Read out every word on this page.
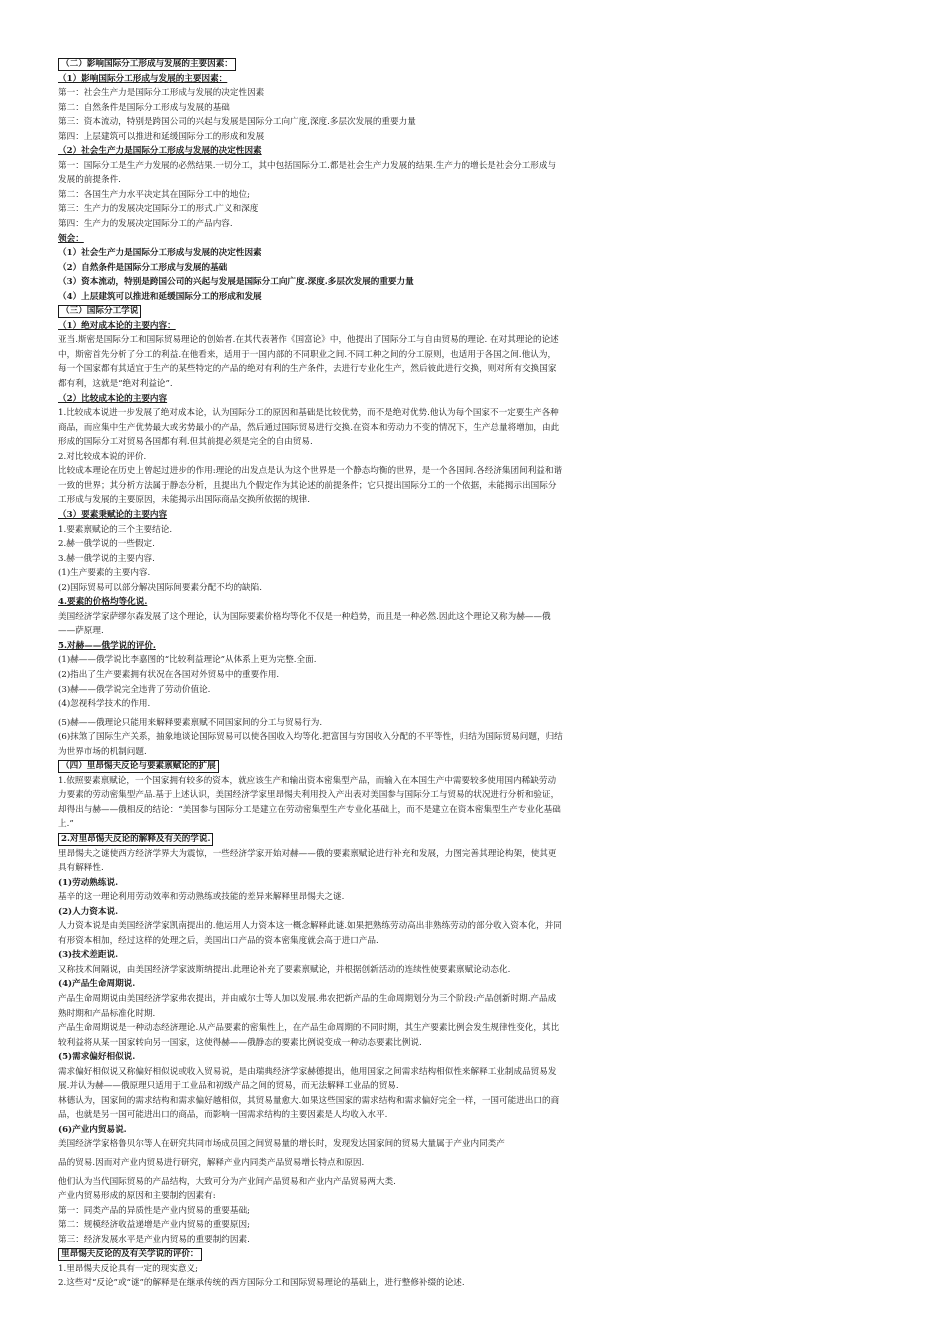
（二）影响国际分工形成与发展的主要因素：
（1）影响国际分工形成与发展的主要因素：
第一：社会生产力是国际分工形成与发展的决定性因素
第二：自然条件是国际分工形成与发展的基础
第三：资本流动，特别是跨国公司的兴起与发展是国际分工向广度,深度.多层次发展的重要力量
第四：上层建筑可以推进和延缓国际分工的形成和发展
（2）社会生产力是国际分工形成与发展的决定性因素
第一：国际分工是生产力发展的必然结果.一切分工，其中包括国际分工.都是社会生产力发展的结果.生产力的增长是社会分工形成与发展的前提条件.
第二：各国生产力水平决定其在国际分工中的地位;
第三：生产力的发展决定国际分工的形式.广义和深度
第四：生产力的发展决定国际分工的产品内容.
领会：
（1）社会生产力是国际分工形成与发展的决定性因素
（2）自然条件是国际分工形成与发展的基础
（3）资本流动，特别是跨国公司的兴起与发展是国际分工向广度.深度.多层次发展的重要力量
（4）上层建筑可以推进和延缓国际分工的形成和发展
（三）国际分工学说
（1）绝对成本论的主要内容：
亚当.斯密是国际分工和国际贸易理论的创始者.在其代表著作《国富论》中，他提出了国际分工与自由贸易的理论. 在对其理论的论述中，斯密首先分析了分工的利益.在他看来，适用于一国内部的不同职业之间.不同工种之间的分工原则，也适用于各国之间.他认为，每一个国家都有其适宜于生产的某些特定的产品的绝对有利的生产条件，去进行专业化生产，然后彼此进行交换，则对所有交换国家都有利，这就是“绝对利益论”.
（2）比较成本论的主要内容
1.比较成本说进一步发展了绝对成本论，认为国际分工的原因和基础是比较优势，而不是绝对优势.他认为每个国家不一定要生产各种商品，而应集中生产优势最大或劣势最小的产品，然后通过国际贸易进行交换.在资本和劳动力不变的情况下，生产总量将增加，由此形成的国际分工对贸易各国都有利.但其前提必须是完全的自由贸易.
2.对比较成本说的评价.
比较成本理论在历史上曾起过进步的作用:理论的出发点是认为这个世界是一个静态均衡的世界，是一个各国间.各经济集团间利益和谐一致的世界；其分析方法属于静态分析，且提出九个假定作为其论述的前提条件；它只提出国际分工的一个依据，未能揭示出国际分工形成与发展的主要原因，未能揭示出国际商品交换所依据的规律.
（3）要素秉赋论的主要内容
1.要素禀赋论的三个主要结论.
2.赫一俄学说的一些假定.
3.赫一俄学说的主要内容.
(1)生产要素的主要内容.
(2)国际贸易可以部分解决国际间要素分配不均的缺陷.
4.要素的价格均等化说.
美国经济学家萨缪尔森发展了这个理论，认为国际要素价格均等化不仅是一种趋势，而且是一种必然.因此这个理论又称为赫——俄——萨原理.
5.对赫——俄学说的评价.
(1)赫——俄学说比李嘉图的“比较利益理论”从体系上更为完整.全面.
(2)指出了生产要素拥有状况在各国对外贸易中的重要作用.
(3)赫——俄学说完全违背了劳动价值论.
(4)忽视科学技术的作用.
(5)赫——俄理论只能用来解释要素禀赋不同国家间的分工与贸易行为.
(6)抹煞了国际生产关系，抽象地谈论国际贸易可以使各国收入均等化.把富国与穷国收入分配的不平等性，归结为国际贸易问题，归结为世界市场的机制问题.
（四）里昂惕夫反论与要素禀赋论的扩展
1.依照要素禀赋论，一个国家拥有较多的资本，就应该生产和输出资本密集型产品，而输入在本国生产中需要较多使用国内稀缺劳动力要素的劳动密集型产品.基于上述认识，美国经济学家里昂惕夫利用投入产出表对美国参与国际分工与贸易的状况进行分析和验证，却得出与赫——俄相反的结论：“美国参与国际分工是建立在劳动密集型生产专业化基础上，而不是建立在资本密集型生产专业化基础上.”
2.对里昂惕夫反论的解释及有关的学说.
里昂惕夫之谜使西方经济学界大为震惊，一些经济学家开始对赫——俄的要素禀赋论进行补充和发展，力图完善其理论构架，使其更具有解释性.
(1)劳动熟练说.
基辛的这一理论利用劳动效率和劳动熟练或技能的差异来解释里昂惕夫之谜.
(2)人力资本说.
人力资本说是由美国经济学家凯南提出的.他运用人力资本这一概念解释此谜.如果把熟练劳动高出非熟练劳动的部分收入资本化，并同有形资本相加，经过这样的处理之后，美国出口产品的资本密集度就会高于进口产品.
(3)技术差距说.
又称技术间隔说，由美国经济学家波斯纳提出.此理论补充了要素禀赋论，并根据创新活动的连续性使要素禀赋论动态化.
(4)产品生命周期说.
产品生命周期说由美国经济学家弗农提出，并由威尔士等人加以发展.弗农把新产品的生命周期划分为三个阶段:产品创新时期.产品成熟时期和产品标准化时期.
产品生命周期说是一种动态经济理论.从产品要素的密集性上，在产品生命周期的不同时期，其生产要素比例会发生规律性变化，其比较利益将从某一国家转向另一国家，这使得赫——俄静态的要素比例说变成一种动态要素比例说.
(5)需求偏好相似说.
需求偏好相似说又称偏好相似说或收入贸易说，是由瑞典经济学家赫德提出，他用国家之间需求结构相似性来解释工业制成品贸易发展.并认为赫——俄原理只适用于工业品和初级产品之间的贸易，而无法解释工业品的贸易.
林德认为，国家间的需求结构和需求偏好越相似，其贸易量愈大.如果这些国家的需求结构和需求偏好完全一样，一国可能进出口的商品，也就是另一国可能进出口的商品，而影响一国需求结构的主要因素是人均收入水平.
(6)产业内贸易说.
美国经济学家格鲁贝尔等人在研究共同市场成员国之间贸易量的增长时，发现发达国家间的贸易大量属于产业内同类产
品的贸易.因而对产业内贸易进行研究，解释产业内同类产品贸易增长特点和原因.
他们认为当代国际贸易的产品结构，大致可分为产业间产品贸易和产业内产品贸易两大类.
产业内贸易形成的原因和主要制约因素有:
第一：同类产品的异质性是产业内贸易的重要基础;
第二：规模经济收益递增是产业内贸易的重要原因;
第三：经济发展水平是产业内贸易的重要制约因素.
里昂惕夫反论的及有关学说的评价：
1.里昂惕夫反论具有一定的现实意义;
2.这些对“反论”或“谜”的解释是在继承传统的西方国际分工和国际贸易理论的基础上，进行整修补缀的论述.
